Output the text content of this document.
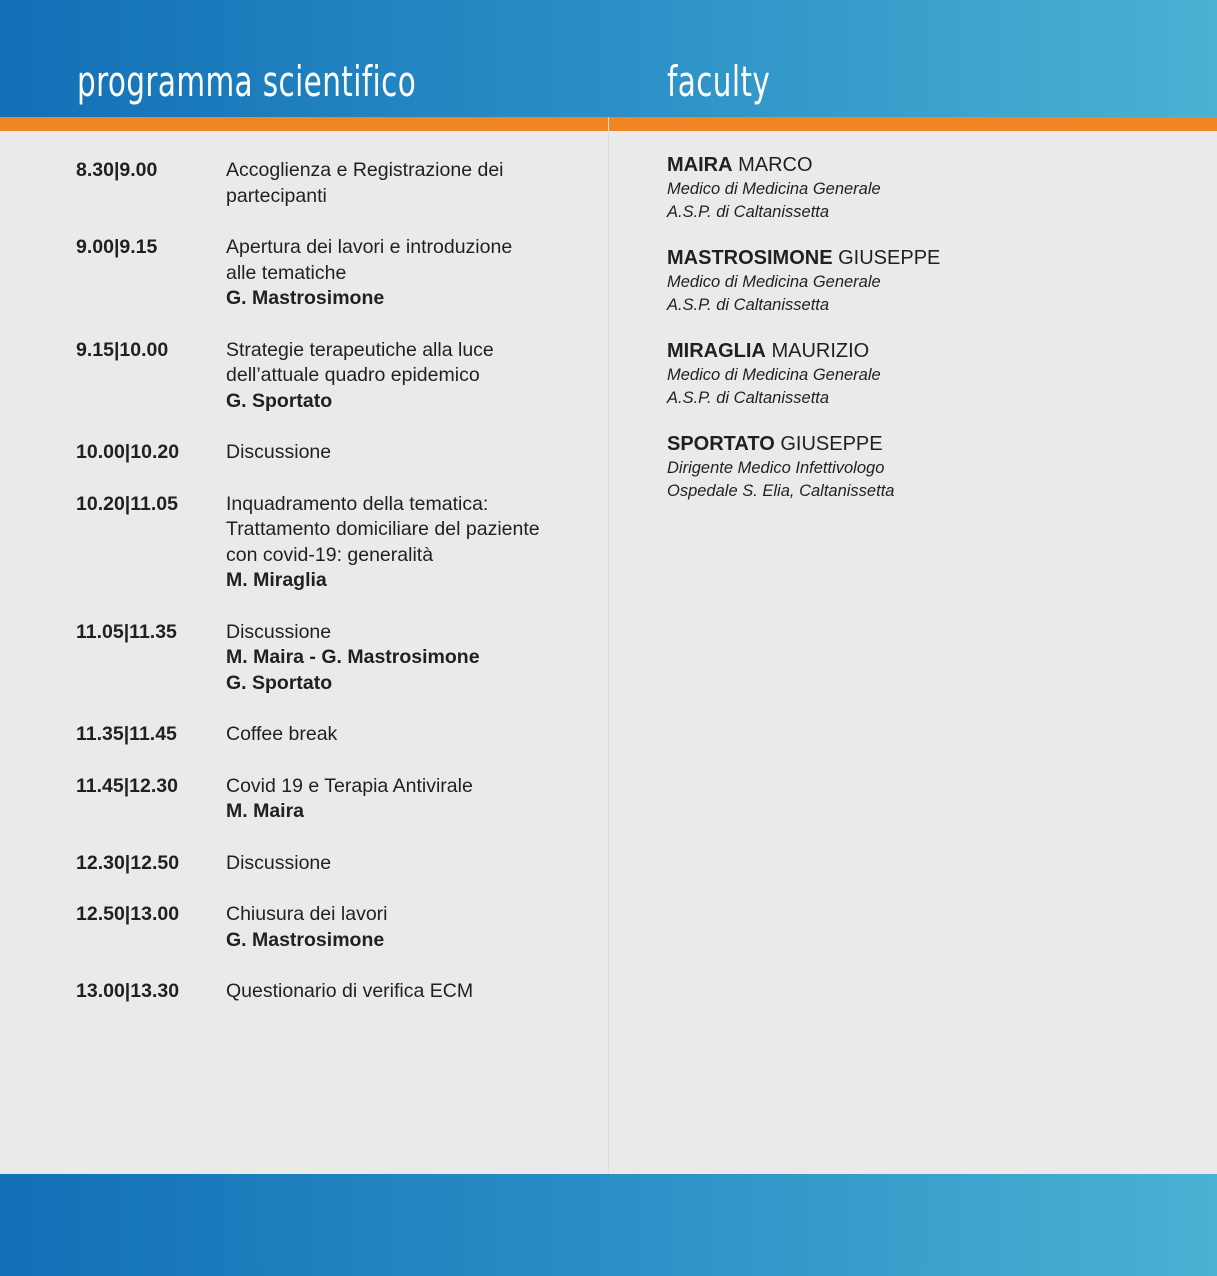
programma scientifico	faculty
8.30|9.00	Accoglienza e Registrazione dei
partecipanti

9.00|9.15	Apertura dei lavori e introduzione
alle tematiche

G. Mastrosimone
9.15|10.00	Strategie terapeutiche alla luce
dell’attuale quadro epidemico

G. Sportato
10.00|10.20	Discussione

10.20|11.05	Inquadramento della tematica:
Trattamento domiciliare del paziente
con covid-19: generalità

M. Miraglia
11.05|11.35	Discussione

M. Maira - G. Mastrosimone
G. Sportato
11.35|11.45	Coffee break

11.45|12.30	Covid 19 e Terapia Antivirale

M. Maira
12.30|12.50	Discussione

12.50|13.00	Chiusura dei lavori

G. Mastrosimone
13.00|13.30	Questionario di verifica ECM

MAIRA MARCO
Medico di Medicina Generale
A.S.P. di Caltanissetta
MASTROSIMONE GIUSEPPE
Medico di Medicina Generale
A.S.P. di Caltanissetta
MIRAGLIA MAURIZIO
Medico di Medicina Generale
A.S.P. di Caltanissetta
SPORTATO GIUSEPPE
Dirigente Medico Infettivologo
Ospedale S. Elia, Caltanissetta
